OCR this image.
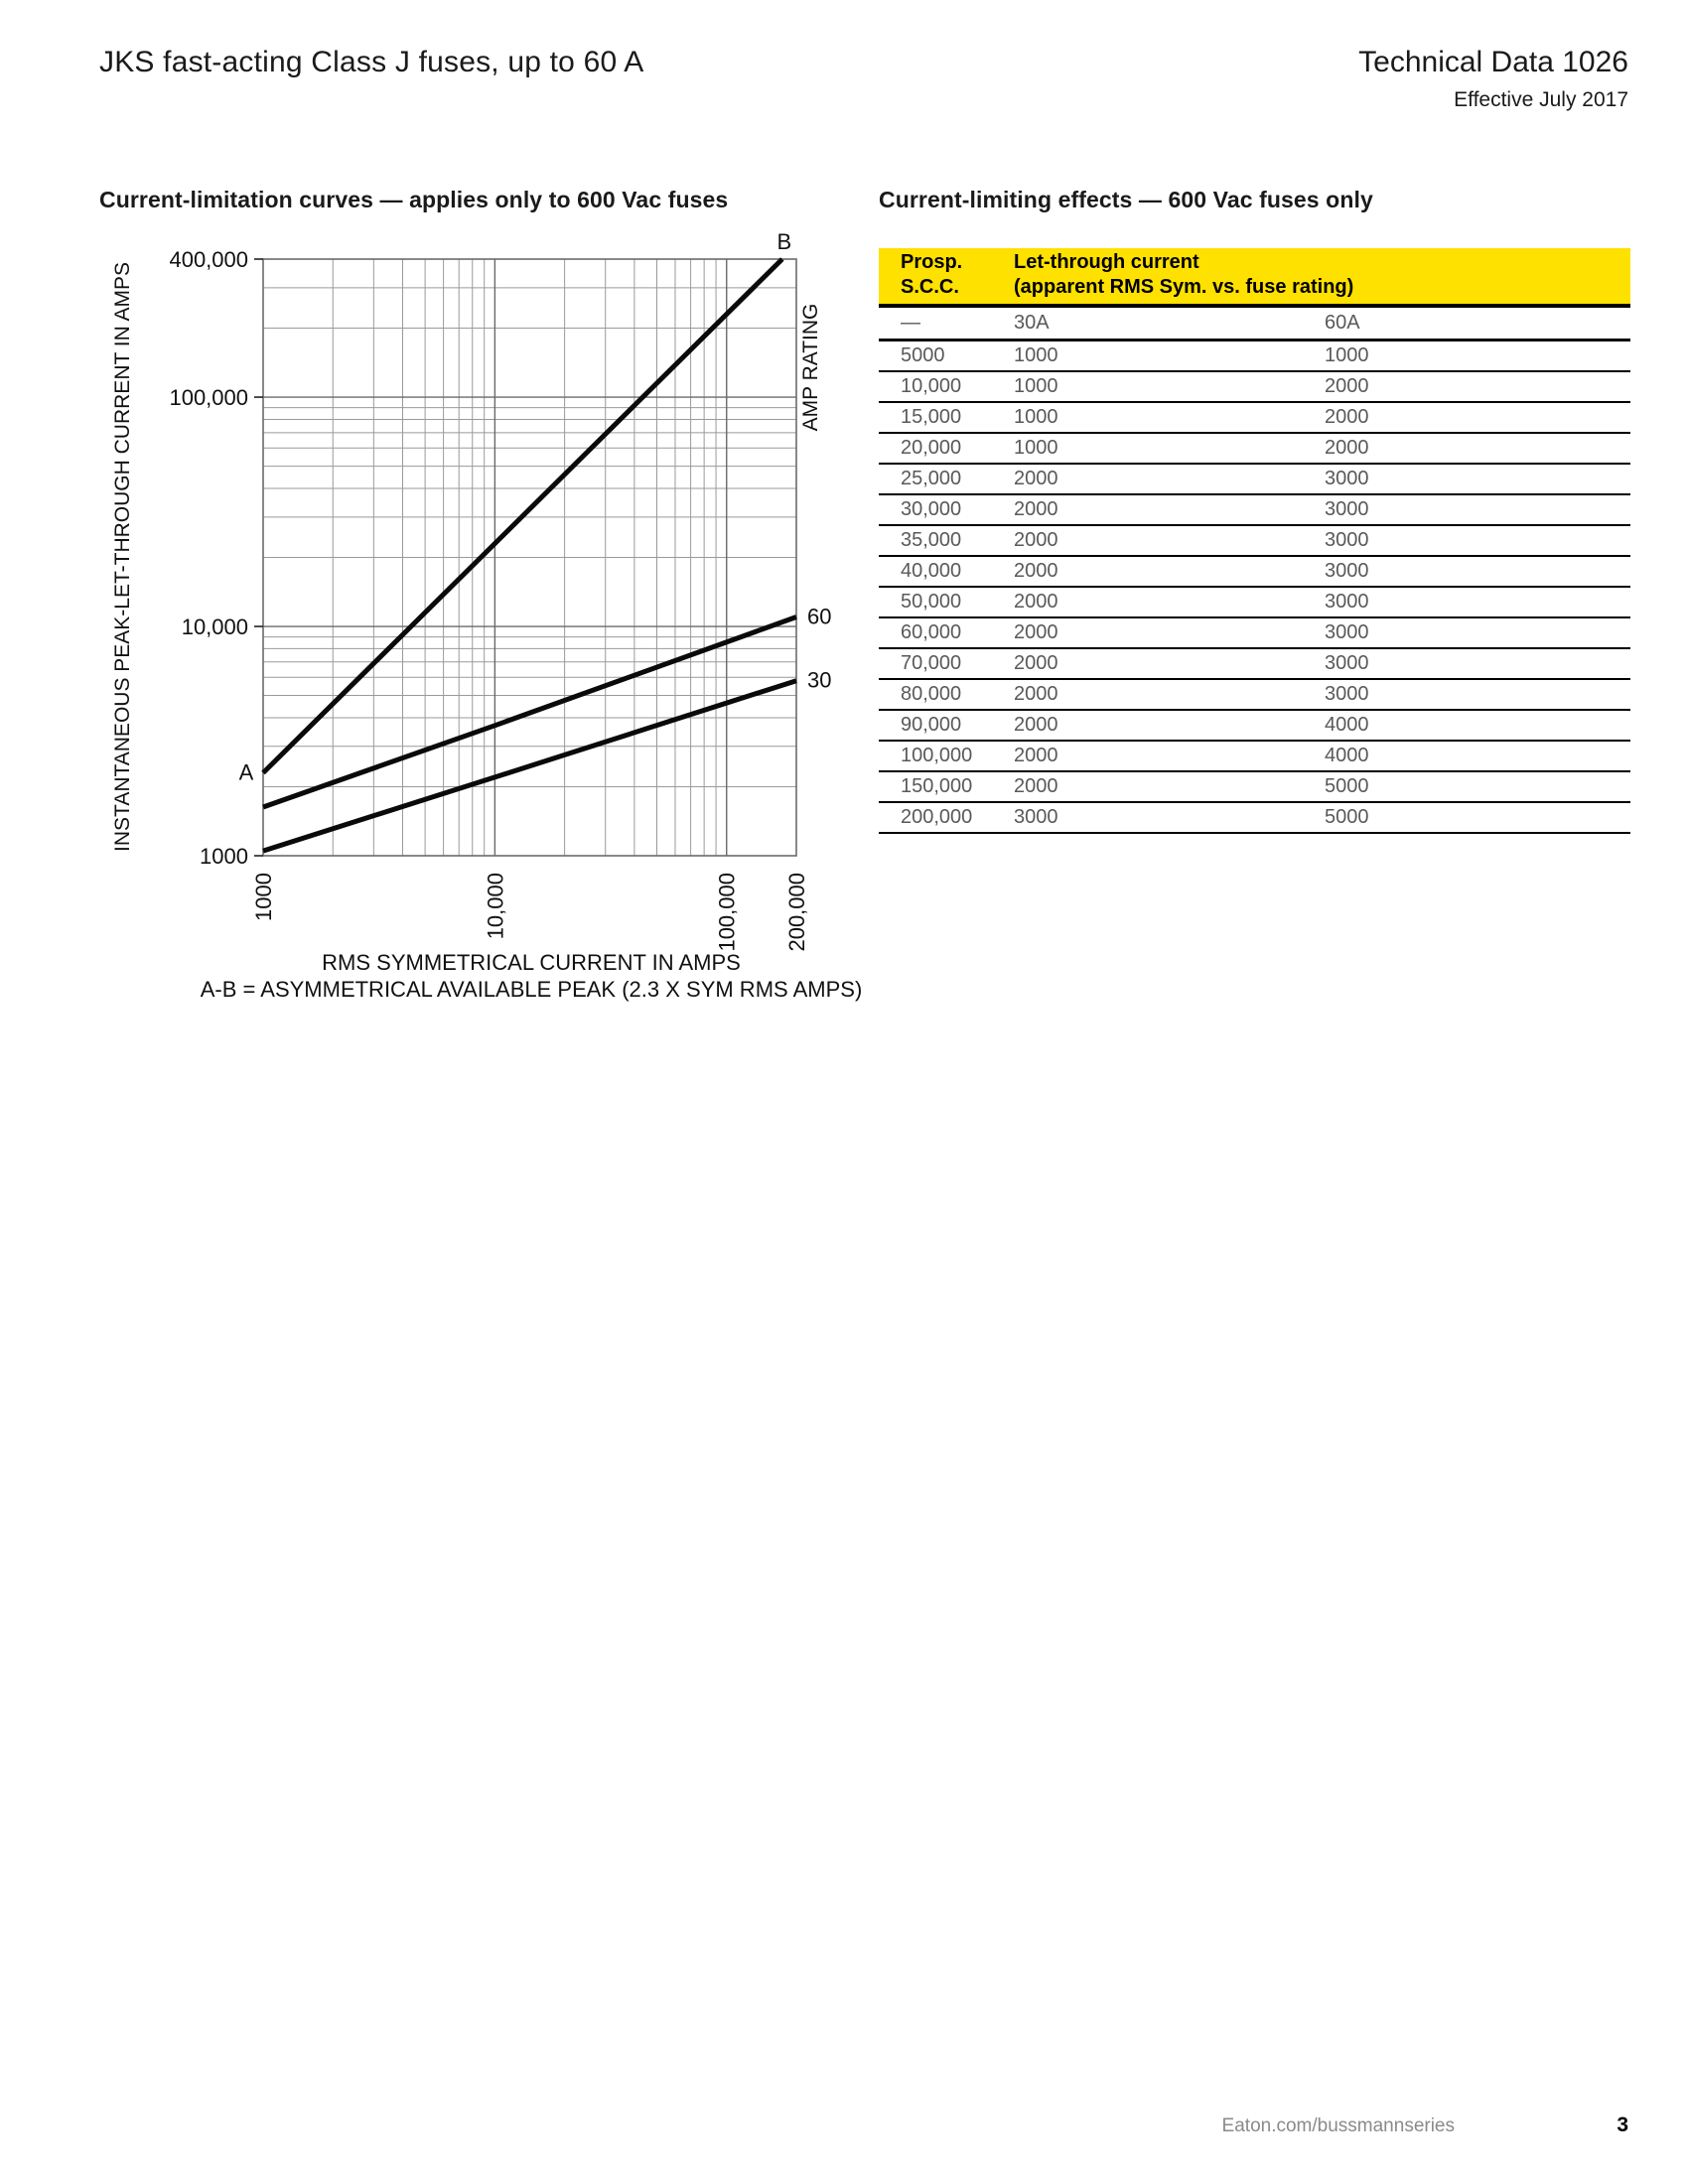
JKS fast-acting Class J fuses, up to 60 A	Technical Data 1026
Effective July 2017
Current-limitation curves — applies only to 600 Vac fuses	Current-limiting effects — 600 Vac fuses only
1000
10,000
100,000
400,000
1000	10,000	100,000 200,000
INSTANTANEOUS PEAK-LET-THROUGH CURRENT IN AMPS	AMP RATING
RMS SYMMETRICAL CURRENT IN AMPS
A-B = ASYMMETRICAL AVAILABLE PEAK (2.3 X SYM RMS AMPS)
A
B
60
30
Prosp.
S.C.C.
Let-through current
(apparent RMS Sym. vs. fuse rating)
—	30A	60A
5000	1000	1000
10,000	1000	2000
15,000	1000	2000
20,000	1000	2000
25,000	2000	3000
30,000	2000	3000
35,000	2000	3000
40,000	2000	3000
50,000	2000	3000
60,000	2000	3000
70,000	2000	3000
80,000	2000	3000
90,000	2000	4000
100,000	2000	4000
150,000	2000	5000
200,000	3000	5000
Eaton.com/bussmannseries	3
